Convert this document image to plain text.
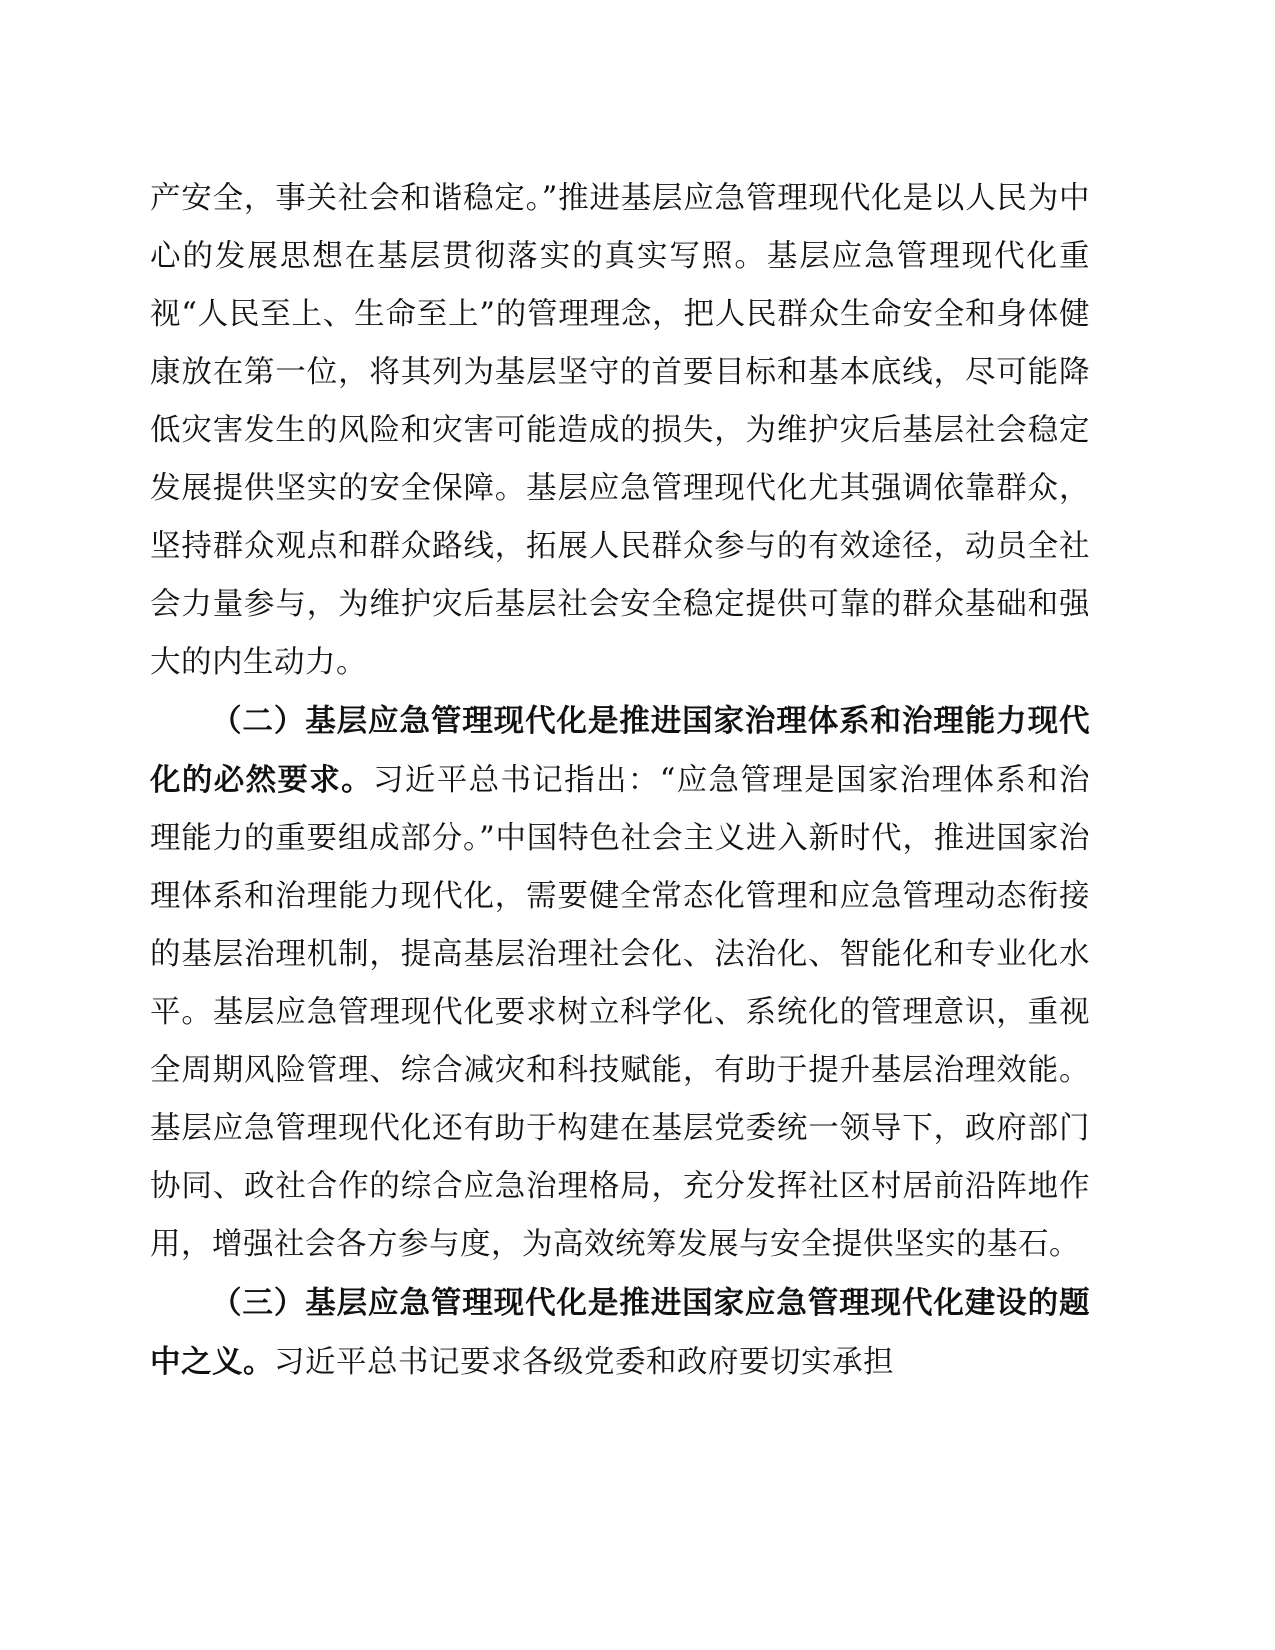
产安全，事关社会和谐稳定。”推进基层应急管理现代化是以人民为中心的发展思想在基层贯彻落实的真实写照。基层应急管理现代化重视“人民至上、生命至上”的管理理念，把人民群众生命安全和身体健康放在第一位，将其列为基层坚守的首要目标和基本底线，尽可能降低灾害发生的风险和灾害可能造成的损失，为维护灾后基层社会稳定发展提供坚实的安全保障。基层应急管理现代化尤其强调依靠群众，坚持群众观点和群众路线，拓展人民群众参与的有效途径，动员全社会力量参与，为维护灾后基层社会安全稳定提供可靠的群众基础和强大的内生动力。

（二）基层应急管理现代化是推进国家治理体系和治理能力现代化的必然要求。习近平总书记指出：“应急管理是国家治理体系和治理能力的重要组成部分。”中国特色社会主义进入新时代，推进国家治理体系和治理能力现代化，需要健全常态化管理和应急管理动态衔接的基层治理机制，提高基层治理社会化、法治化、智能化和专业化水平。基层应急管理现代化要求树立科学化、系统化的管理意识，重视全周期风险管理、综合减灾和科技赋能，有助于提升基层治理效能。基层应急管理现代化还有助于构建在基层党委统一领导下，政府部门协同、政社合作的综合应急治理格局，充分发挥社区村居前沿阵地作用，增强社会各方参与度，为高效统筹发展与安全提供坚实的基石。

（三）基层应急管理现代化是推进国家应急管理现代化建设的题中之义。习近平总书记要求各级党委和政府要切实承担
